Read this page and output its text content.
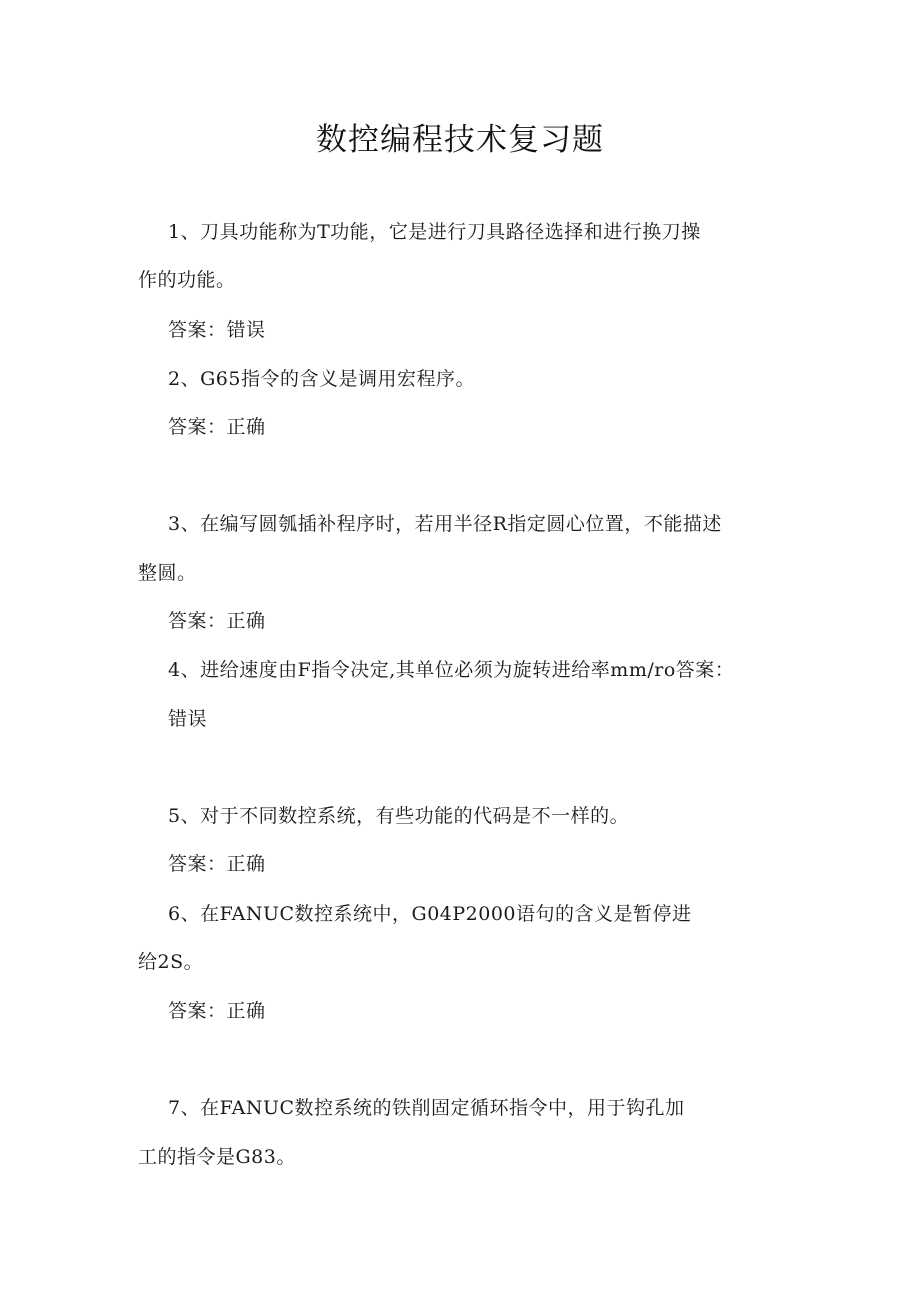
数控编程技术复习题

1、刀具功能称为T功能，它是进行刀具路径选择和进行换刀操

作的功能。

答案：错误

2、G65指令的含义是调用宏程序。

答案：正确

3、在编写圆瓠插补程序时，若用半径R指定圆心位置，不能描述

整圆。

答案：正确

4、进给速度由F指令决定,其单位必须为旋转进给率mm/ro答案：

错误

5、对于不同数控系统，有些功能的代码是不一样的。

答案：正确

6、在FANUC数控系统中，G04P2000语句的含义是暂停进

给2S。

答案：正确

7、在FANUC数控系统的铁削固定循环指令中，用于钩孔加

工的指令是G83。
